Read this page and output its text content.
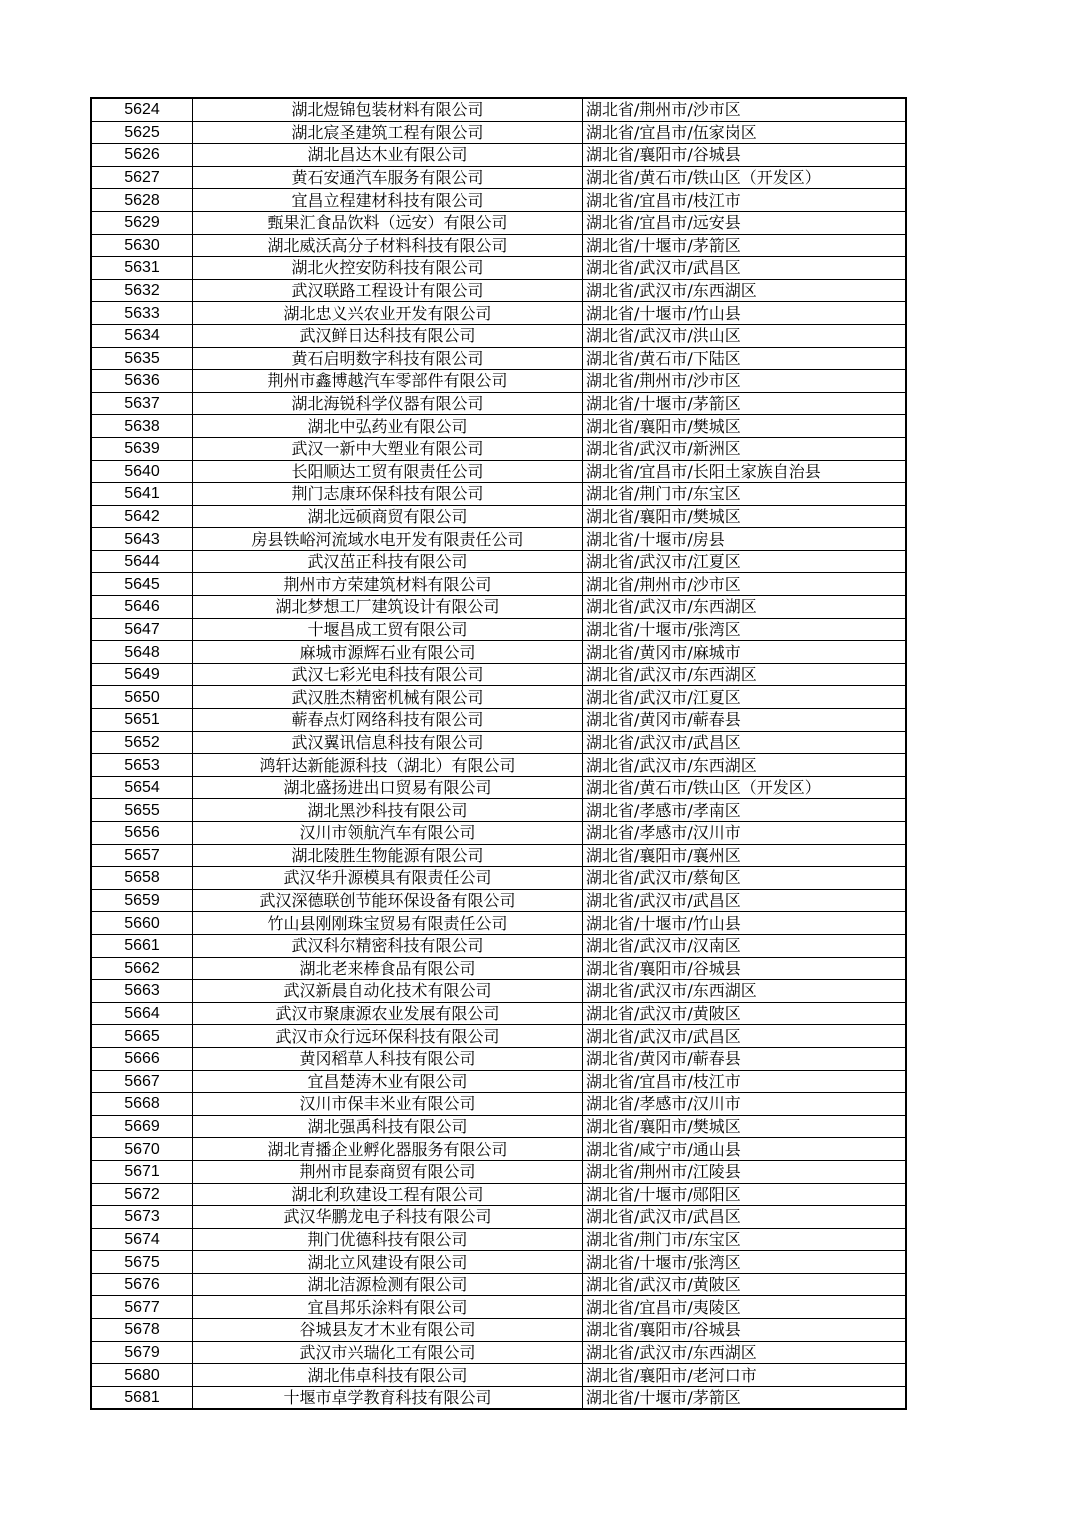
5624	湖北煜锦包装材料有限公司	湖北省/荆州市/沙市区
5625	湖北宸圣建筑工程有限公司	湖北省/宜昌市/伍家岗区
5626	湖北昌达木业有限公司	湖北省/襄阳市/谷城县
5627	黄石安通汽车服务有限公司	湖北省/黄石市/铁山区（开发区）
5628	宜昌立程建材科技有限公司	湖北省/宜昌市/枝江市
5629	甄果汇食品饮料（远安）有限公司	湖北省/宜昌市/远安县
5630	湖北威沃高分子材料科技有限公司	湖北省/十堰市/茅箭区
5631	湖北火控安防科技有限公司	湖北省/武汉市/武昌区
5632	武汉联路工程设计有限公司	湖北省/武汉市/东西湖区
5633	湖北忠义兴农业开发有限公司	湖北省/十堰市/竹山县
5634	武汉鲜日达科技有限公司	湖北省/武汉市/洪山区
5635	黄石启明数字科技有限公司	湖北省/黄石市/下陆区
5636	荆州市鑫博越汽车零部件有限公司	湖北省/荆州市/沙市区
5637	湖北海锐科学仪器有限公司	湖北省/十堰市/茅箭区
5638	湖北中弘药业有限公司	湖北省/襄阳市/樊城区
5639	武汉一新中大塑业有限公司	湖北省/武汉市/新洲区
5640	长阳顺达工贸有限责任公司	湖北省/宜昌市/长阳土家族自治县
5641	荆门志康环保科技有限公司	湖北省/荆门市/东宝区
5642	湖北远硕商贸有限公司	湖北省/襄阳市/樊城区
5643	房县铁峪河流域水电开发有限责任公司	湖北省/十堰市/房县
5644	武汉茁正科技有限公司	湖北省/武汉市/江夏区
5645	荆州市方荣建筑材料有限公司	湖北省/荆州市/沙市区
5646	湖北梦想工厂建筑设计有限公司	湖北省/武汉市/东西湖区
5647	十堰昌成工贸有限公司	湖北省/十堰市/张湾区
5648	麻城市源辉石业有限公司	湖北省/黄冈市/麻城市
5649	武汉七彩光电科技有限公司	湖北省/武汉市/东西湖区
5650	武汉胜杰精密机械有限公司	湖北省/武汉市/江夏区
5651	蕲春点灯网络科技有限公司	湖北省/黄冈市/蕲春县
5652	武汉翼讯信息科技有限公司	湖北省/武汉市/武昌区
5653	鸿轩达新能源科技（湖北）有限公司	湖北省/武汉市/东西湖区
5654	湖北盛扬进出口贸易有限公司	湖北省/黄石市/铁山区（开发区）
5655	湖北黑沙科技有限公司	湖北省/孝感市/孝南区
5656	汉川市领航汽车有限公司	湖北省/孝感市/汉川市
5657	湖北陵胜生物能源有限公司	湖北省/襄阳市/襄州区
5658	武汉华升源模具有限责任公司	湖北省/武汉市/蔡甸区
5659	武汉深德联创节能环保设备有限公司	湖北省/武汉市/武昌区
5660	竹山县刚刚珠宝贸易有限责任公司	湖北省/十堰市/竹山县
5661	武汉科尔精密科技有限公司	湖北省/武汉市/汉南区
5662	湖北老来棒食品有限公司	湖北省/襄阳市/谷城县
5663	武汉新晨自动化技术有限公司	湖北省/武汉市/东西湖区
5664	武汉市聚康源农业发展有限公司	湖北省/武汉市/黄陂区
5665	武汉市众行远环保科技有限公司	湖北省/武汉市/武昌区
5666	黄冈稻草人科技有限公司	湖北省/黄冈市/蕲春县
5667	宜昌楚涛木业有限公司	湖北省/宜昌市/枝江市
5668	汉川市保丰米业有限公司	湖北省/孝感市/汉川市
5669	湖北强禹科技有限公司	湖北省/襄阳市/樊城区
5670	湖北青播企业孵化器服务有限公司	湖北省/咸宁市/通山县
5671	荆州市昆泰商贸有限公司	湖北省/荆州市/江陵县
5672	湖北利玖建设工程有限公司	湖北省/十堰市/郧阳区
5673	武汉华鹏龙电子科技有限公司	湖北省/武汉市/武昌区
5674	荆门优德科技有限公司	湖北省/荆门市/东宝区
5675	湖北立风建设有限公司	湖北省/十堰市/张湾区
5676	湖北洁源检测有限公司	湖北省/武汉市/黄陂区
5677	宜昌邦乐涂料有限公司	湖北省/宜昌市/夷陵区
5678	谷城县友才木业有限公司	湖北省/襄阳市/谷城县
5679	武汉市兴瑞化工有限公司	湖北省/武汉市/东西湖区
5680	湖北伟卓科技有限公司	湖北省/襄阳市/老河口市
5681	十堰市卓学教育科技有限公司	湖北省/十堰市/茅箭区
